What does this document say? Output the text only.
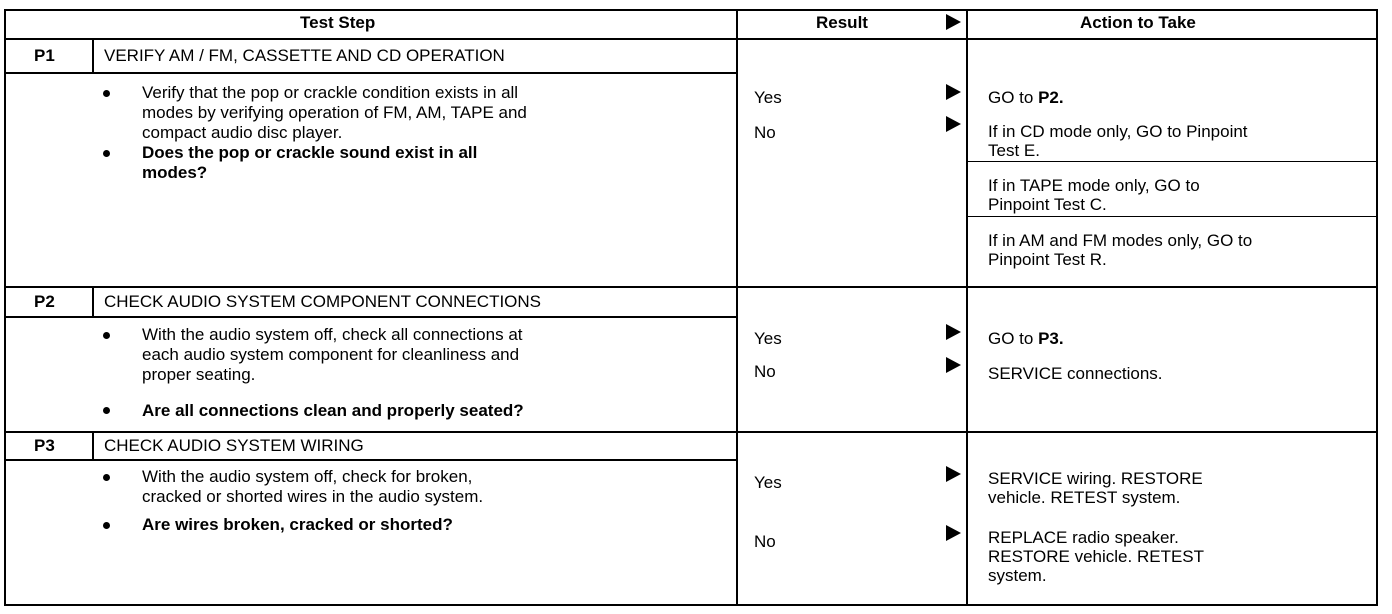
Test Step	Result	Action to Take
P1	VERIFY AM / FM, CASSETTE AND CD OPERATION
Verify that the pop or crackle condition exists in all
modes by verifying operation of FM, AM, TAPE and
compact audio disc player.
Does the pop or crackle sound exist in all
modes?
Yes	GO to P2.
No	If in CD mode only, GO to Pinpoint
Test E.
If in TAPE mode only, GO to
Pinpoint Test C.
If in AM and FM modes only, GO to
Pinpoint Test R.
P2	CHECK AUDIO SYSTEM COMPONENT CONNECTIONS
With the audio system off, check all connections at
each audio system component for cleanliness and
proper seating.
Are all connections clean and properly seated?
Yes	GO to P3.
No	SERVICE connections.
P3	CHECK AUDIO SYSTEM WIRING
With the audio system off, check for broken,
cracked or shorted wires in the audio system.
Are wires broken, cracked or shorted?
Yes	SERVICE wiring. RESTORE
vehicle. RETEST system.
No	REPLACE radio speaker.
RESTORE vehicle. RETEST
system.
